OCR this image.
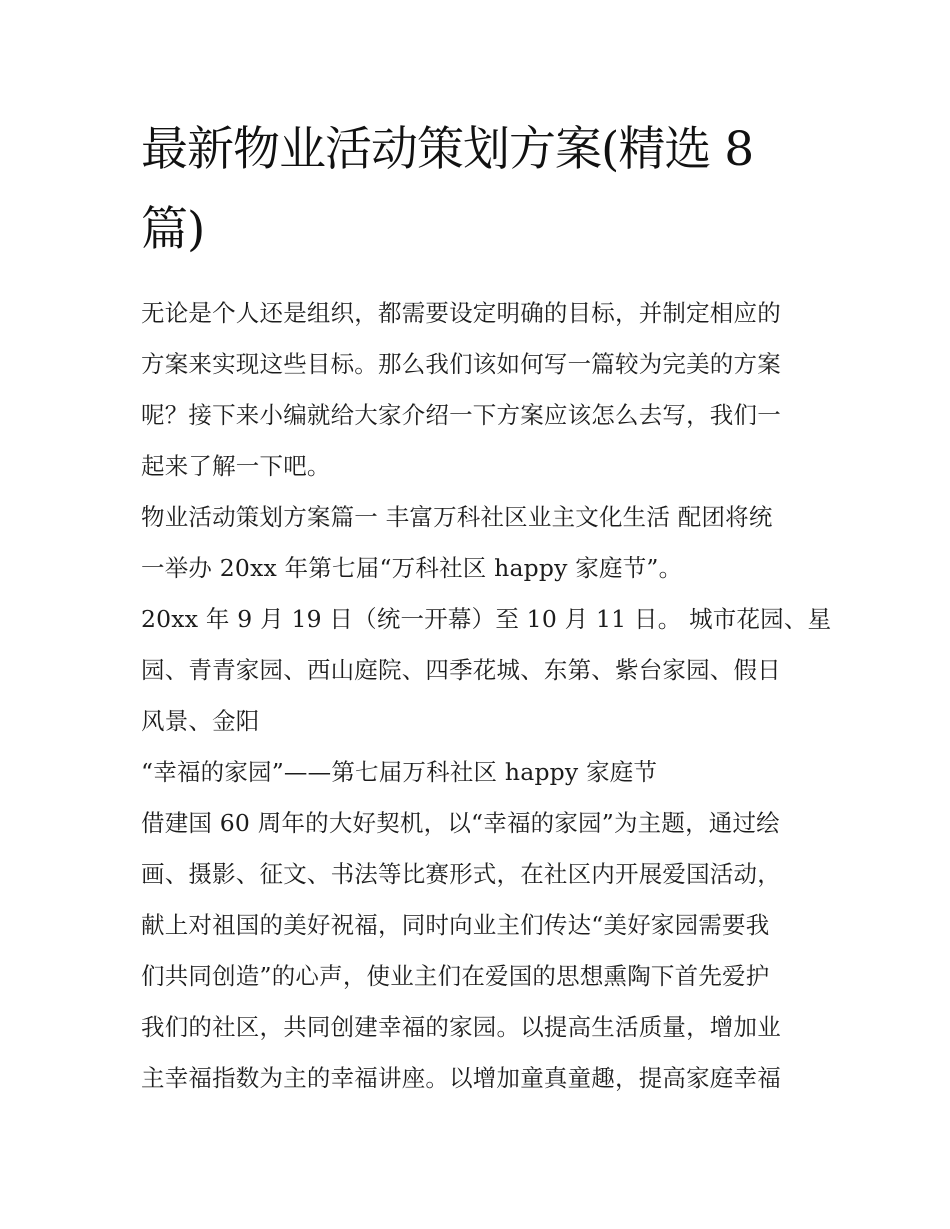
最新物业活动策划方案(精选 8
篇)
无论是个人还是组织，都需要设定明确的目标，并制定相应的
方案来实现这些目标。那么我们该如何写一篇较为完美的方案
呢？接下来小编就给大家介绍一下方案应该怎么去写，我们一
起来了解一下吧。
物业活动策划方案篇一 丰富万科社区业主文化生活 配团将统
一举办 20xx 年第七届“万科社区 happy 家庭节”。
20xx 年 9 月 19 日（统一开幕）至 10 月 11 日。 城市花园、星
园、青青家园、西山庭院、四季花城、东第、紫台家园、假日
风景、金阳
“幸福的家园”——第七届万科社区 happy 家庭节
借建国 60 周年的大好契机，以“幸福的家园”为主题，通过绘
画、摄影、征文、书法等比赛形式，在社区内开展爱国活动，
献上对祖国的美好祝福，同时向业主们传达“美好家园需要我
们共同创造”的心声，使业主们在爱国的思想熏陶下首先爱护
我们的社区，共同创建幸福的家园。以提高生活质量，增加业
主幸福指数为主的幸福讲座。以增加童真童趣，提高家庭幸福
